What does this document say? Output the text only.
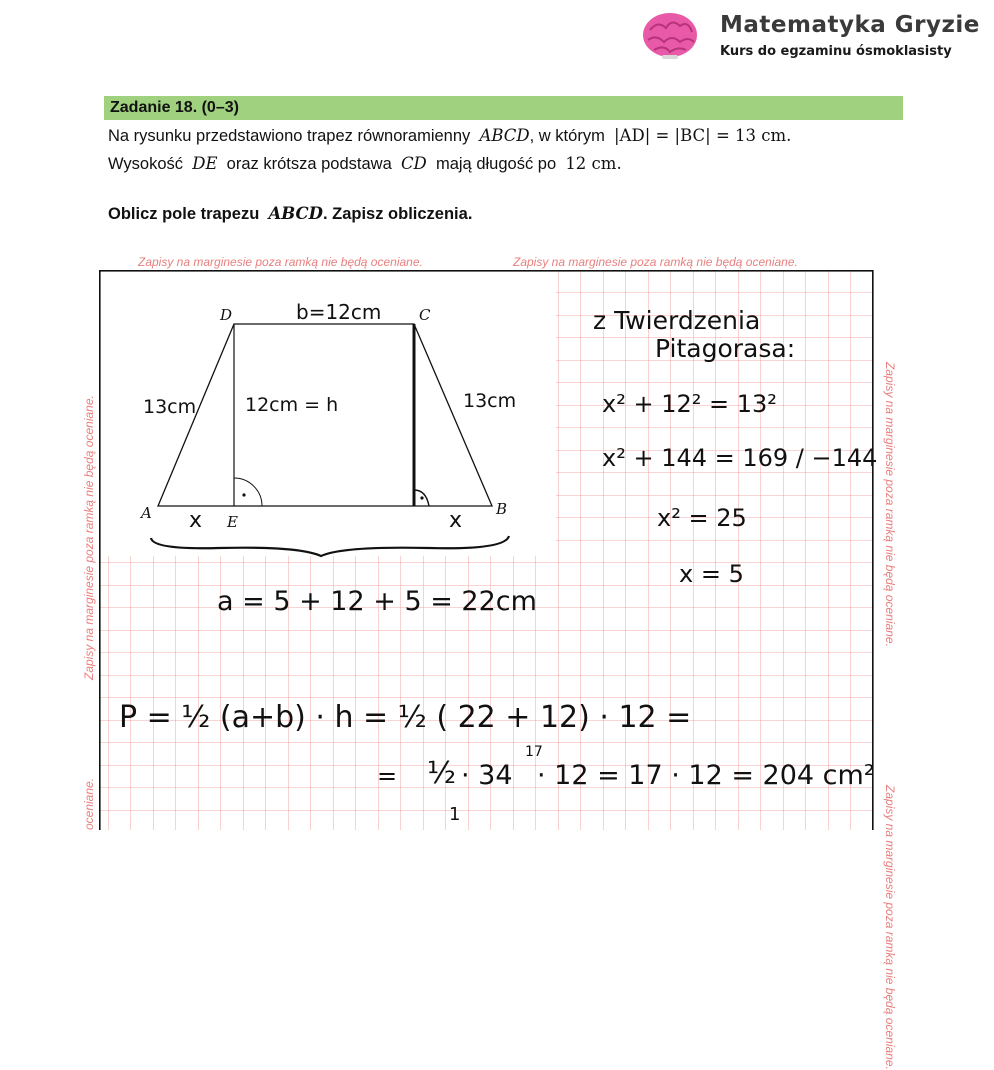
Matematyka Gryzie
Kurs do egzaminu ósmoklasisty
Zadanie 18. (0–3)
Na rysunku przedstawiono trapez równoramienny ABCD, w którym |AD| = |BC| = 13 cm.
Wysokość DE oraz krótsza podstawa CD mają długość po 12 cm.
Oblicz pole trapezu ABCD. Zapisz obliczenia.
Zapisy na marginesie poza ramką nie będą oceniane.	Zapisy na marginesie poza ramką nie będą oceniane.
Zapisy na marginesie poza ramką nie będą oceniane.	Zapisy na marginesie poza ramką nie będą oceniane.
oceniane.	Zapisy na marginesie poza ramką nie będą oceniane.
D	C
A	E
B
b=12cm
13cm	13cm
12cm = h
x	x
z Twierdzenia
Pitagorasa:
x² + 12² = 13²
x² + 144 = 169 / −144
x² = 25
x = 5
a = 5 + 12 + 5 = 22cm
P = ½ (a+b) · h = ½ ( 22 + 12) · 12 =
= ½ · 34
17
· 12 = 17 · 12 = 204 cm²
1
